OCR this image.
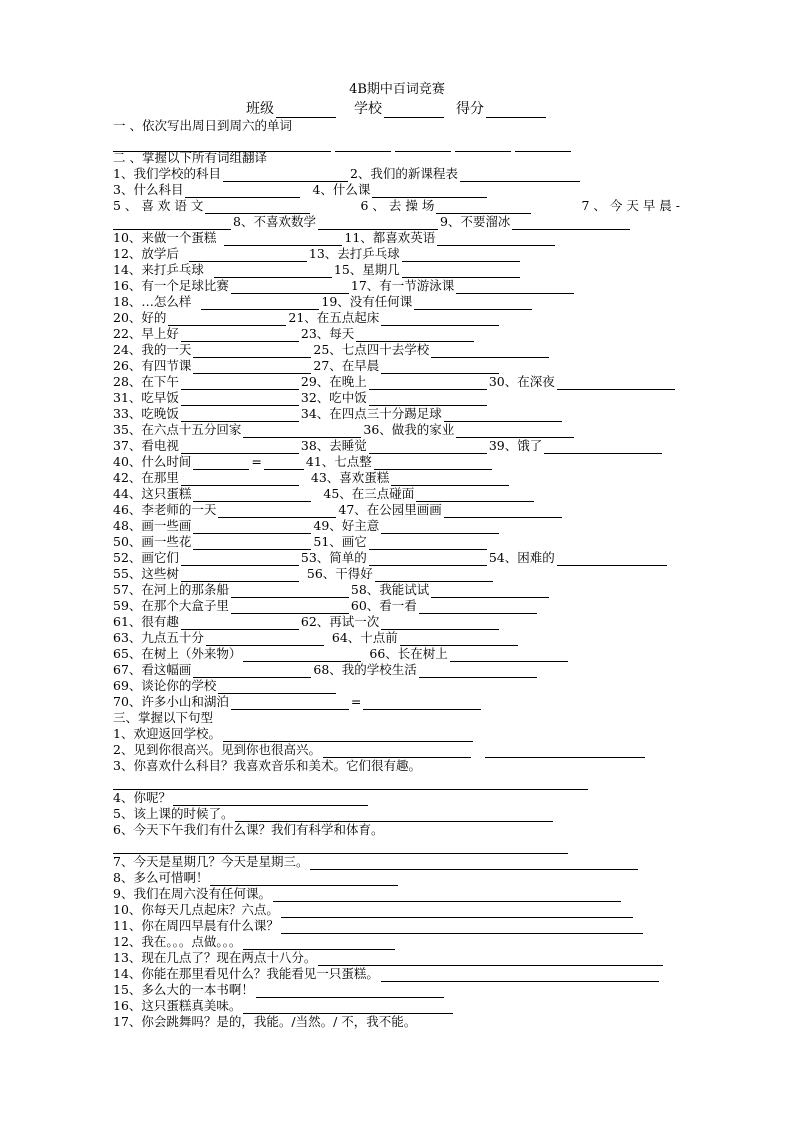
4B期中百词竞赛
班级	学校	得分
一 、依次写出周日到周六的单词
二 、掌握以下所有词组翻译
1、我们学校的科目	2、我们的新课程表
3、什么科目	4、什么课
5 、 喜 欢 语 文	6 、 去 操 场	7 、 今 天 早 晨 -
8、不喜欢数学	9、不要溜冰
10、来做一个蛋糕	11、都喜欢英语
12、放学后	13、去打乒乓球
14、来打乒乓球	15、星期几
16、有一个足球比赛	17、有一节游泳课
18、…怎么样	19、没有任何课
20、好的	21、在五点起床
22、早上好	23、每天
24、我的一天	25、七点四十去学校
26、有四节课	27、在早晨
28、在下午	29、在晚上	30、在深夜
31、吃早饭	32、吃中饭
33、吃晚饭	34、在四点三十分踢足球
35、在六点十五分回家	36、做我的家业
37、看电视	38、去睡觉	39、饿了
40、什么时间	=	41、七点整
42、在那里	43、喜欢蛋糕
44、这只蛋糕	45、在三点碰面
46、李老师的一天	47、在公园里画画
48、画一些画	49、好主意
50、画一些花	51、画它
52、画它们	53、简单的	54、困难的
55、这些树	56、干得好
57、在河上的那条船	58、我能试试
59、在那个大盒子里	60、看一看
61、很有趣	62、再试一次
63、九点五十分	64、十点前
65、在树上（外来物）	66、长在树上
67、看这幅画	68、我的学校生活
69、谈论你的学校
70、许多小山和湖泊	=
三、掌握以下句型
1、欢迎返回学校。
2、见到你很高兴。见到你也很高兴。
3、你喜欢什么科目？我喜欢音乐和美术。它们很有趣。
4、你呢？
5、该上课的时候了。
6、今天下午我们有什么课？我们有科学和体育。
7、今天是星期几？今天是星期三。
8、多么可惜啊！
9、我们在周六没有任何课。
10、你每天几点起床？六点。
11、你在周四早晨有什么课？
12、我在。。。点做。。。
13、现在几点了？现在两点十八分。
14、你能在那里看见什么？我能看见一只蛋糕。
15、多么大的一本书啊！
16、这只蛋糕真美味。
17、你会跳舞吗？是的，我能。/当然。/ 不，我不能。
